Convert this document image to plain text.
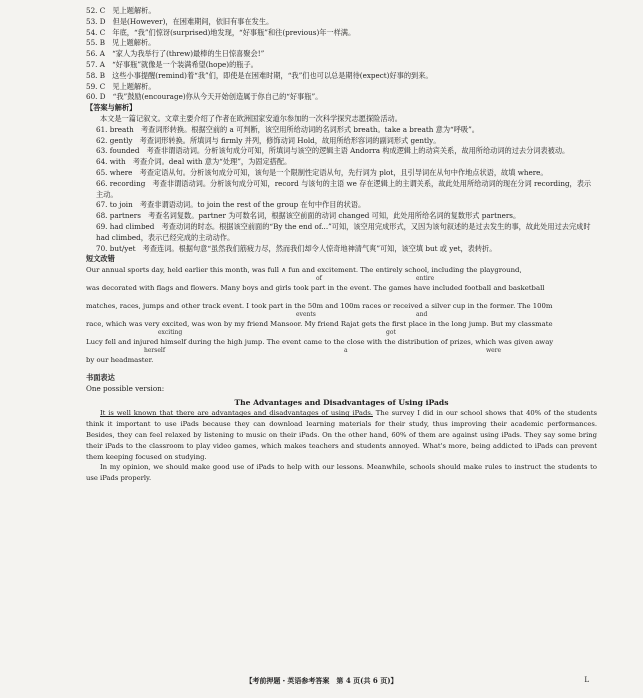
52. C　见上题解析。
53. D　但是(However)，在困难期间，依旧有事在发生。
54. C　年底，“我”们惊讶(surprised)地发现，“好事瓶”和往(previous)年一样满。
55. B　见上题解析。
56. A　“家人为我举行了(threw)最棒的生日惊喜聚会!”
57. A　“好事瓶”就像是一个装满希望(hope)的瓶子。
58. B　这些小事提醒(remind)着“我”们，即使是在困难时期，“我”们也可以总是期待(expect)好事的到来。
59. C　见上题解析。
60. D　“我”鼓励(encourage)你从今天开始创造属于你自己的“好事瓶”。
【答案与解析】
本文是一篇记叙文。文章主要介绍了作者在欧洲国家安道尔参加的一次科学探究志愿探险活动。
61. breath　考查词形转换。根据空前的 a 可判断，该空用所给动词的名词形式 breath。take a breath 意为“呼吸”。
62. gently　考查词形转换。所填词与 firmly 并列，修饰动词 Hold，故用所给形容词的副词形式 gently。
63. founded　考查非谓语动词。分析该句成分可知，所填词与该空的逻辑主语 Andorra 构成逻辑上的动宾关系，故用所给动词的过去分词表被动。
64. with　考查介词。deal with 意为“处理”，为固定搭配。
65. where　考查定语从句。分析该句成分可知，该句是一个限制性定语从句，先行词为 plot，且引导词在从句中作地点状语，故填 where。
66. recording　考查非谓语动词。分析该句成分可知，record 与该句的主语 we 存在逻辑上的主谓关系，故此处用所给动词的现在分词 recording，表示主动。
67. to join　考查非谓语动词。to join the rest of the group 在句中作目的状语。
68. partners　考查名词复数。partner 为可数名词，根据该空前面的动词 changed 可知，此处用所给名词的复数形式 partners。
69. had climbed　考查动词的时态。根据该空前面的“By the end of...”可知，该空用完成形式，又因为该句叙述的是过去发生的事，故此处用过去完成时 had climbed，表示已经完成的主动动作。
70. but/yet　考查连词。根据句意“虽然我们筋疲力尽，然而我们却令人惊奇地神清气爽”可知，该空填 but 或 yet，表转折。
短文改错
Our annual sports day, held earlier this month, was full ∧ fun and excitement. The entirely school, including the playground,
of	entire
was decorated with flags and flowers. Many boys and girls took part in the event. The games have included football and basketball
matches, races, jumps and other track event. I took part in the 50m and 100m races or received a silver cup in the former. The 100m
events	and
race, which was very excited, was won by my friend Mansoor. My friend Rajat gets the first place in the long jump. But my classmate
exciting	got
Lucy fell and injured himself during the high jump. The event came to the close with the distribution of prizes, which was given away
herself	a	were
by our headmaster.
书面表达
One possible version:
The Advantages and Disadvantages of Using iPads

It is well known that there are advantages and disadvantages of using iPads. The survey I did in our school shows that 40% of the students think it important to use iPads because they can download learning materials for their study, thus improving their academic performances. Besides, they can feel relaxed by listening to music on their iPads. On the other hand, 60% of them are against using iPads. They say some bring their iPads to the classroom to play video games, which makes teachers and students annoyed. What's more, being addicted to iPads can prevent them keeping focused on studying.

In my opinion, we should make good use of iPads to help with our lessons. Meanwhile, schools should make rules to instruct the students to use iPads properly.

【考前押题・英语参考答案　第 4 页(共 6 页)】	L
